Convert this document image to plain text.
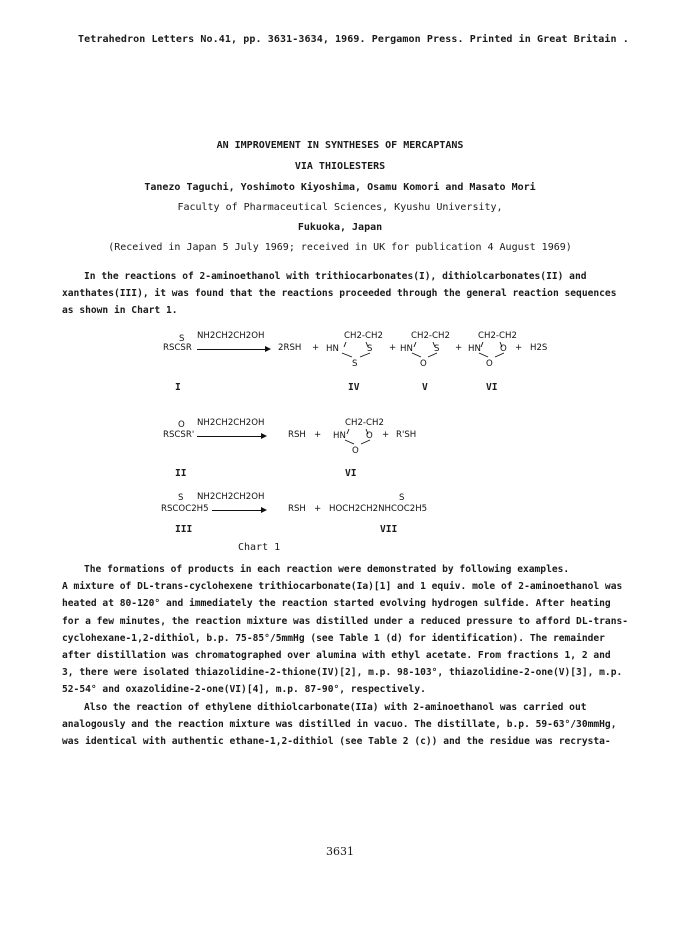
Tetrahedron Letters No.41, pp. 3631-3634, 1969. Pergamon Press. Printed in Great Britain .
AN IMPROVEMENT IN SYNTHESES OF MERCAPTANS
VIA THIOLESTERS
Tanezo Taguchi, Yoshimoto Kiyoshima, Osamu Komori and Masato Mori
Faculty of Pharmaceutical Sciences, Kyushu University,
Fukuoka, Japan
(Received in Japan 5 July 1969; received in UK for publication 4 August 1969)
In the reactions of 2-aminoethanol with trithiocarbonates(I), dithiolcarbonates(II) and
xanthates(III), it was found that the reactions proceeded through the general reaction sequences
as shown in Chart 1.
S
RSCSR
NH2CH2CH2OH
2RSH +
CH2-CH2
HN	S
S
+
CH2-CH2
HN S
O
+
CH2-CH2
HN O
O
+ H2S
I	IV	V	VI
O
RSCSR'
NH2CH2CH2OH
RSH +
CH2-CH2
HN O
O
+ R'SH
II	VI
S
RSCOC2H5
NH2CH2CH2OH
→	RSH +
S
HOCH2CH2NHCOC2H5
III	VII
Chart 1
The formations of products in each reaction were demonstrated by following examples.
A mixture of DL-trans-cyclohexene trithiocarbonate(Ia)[1] and 1 equiv. mole of 2-aminoethanol was
heated at 80-120° and immediately the reaction started evolving hydrogen sulfide. After heating
for a few minutes, the reaction mixture was distilled under a reduced pressure to afford DL-trans-
cyclohexane-1,2-dithiol, b.p. 75-85°/5mmHg (see Table 1 (d) for identification). The remainder
after distillation was chromatographed over alumina with ethyl acetate. From fractions 1, 2 and
3, there were isolated thiazolidine-2-thione(IV)[2], m.p. 98-103°, thiazolidine-2-one(V)[3], m.p.
52-54° and oxazolidine-2-one(VI)[4], m.p. 87-90°, respectively.
Also the reaction of ethylene dithiolcarbonate(IIa) with 2-aminoethanol was carried out
analogously and the reaction mixture was distilled in vacuo. The distillate, b.p. 59-63°/30mmHg,
was identical with authentic ethane-1,2-dithiol (see Table 2 (c)) and the residue was recrysta-
3631
